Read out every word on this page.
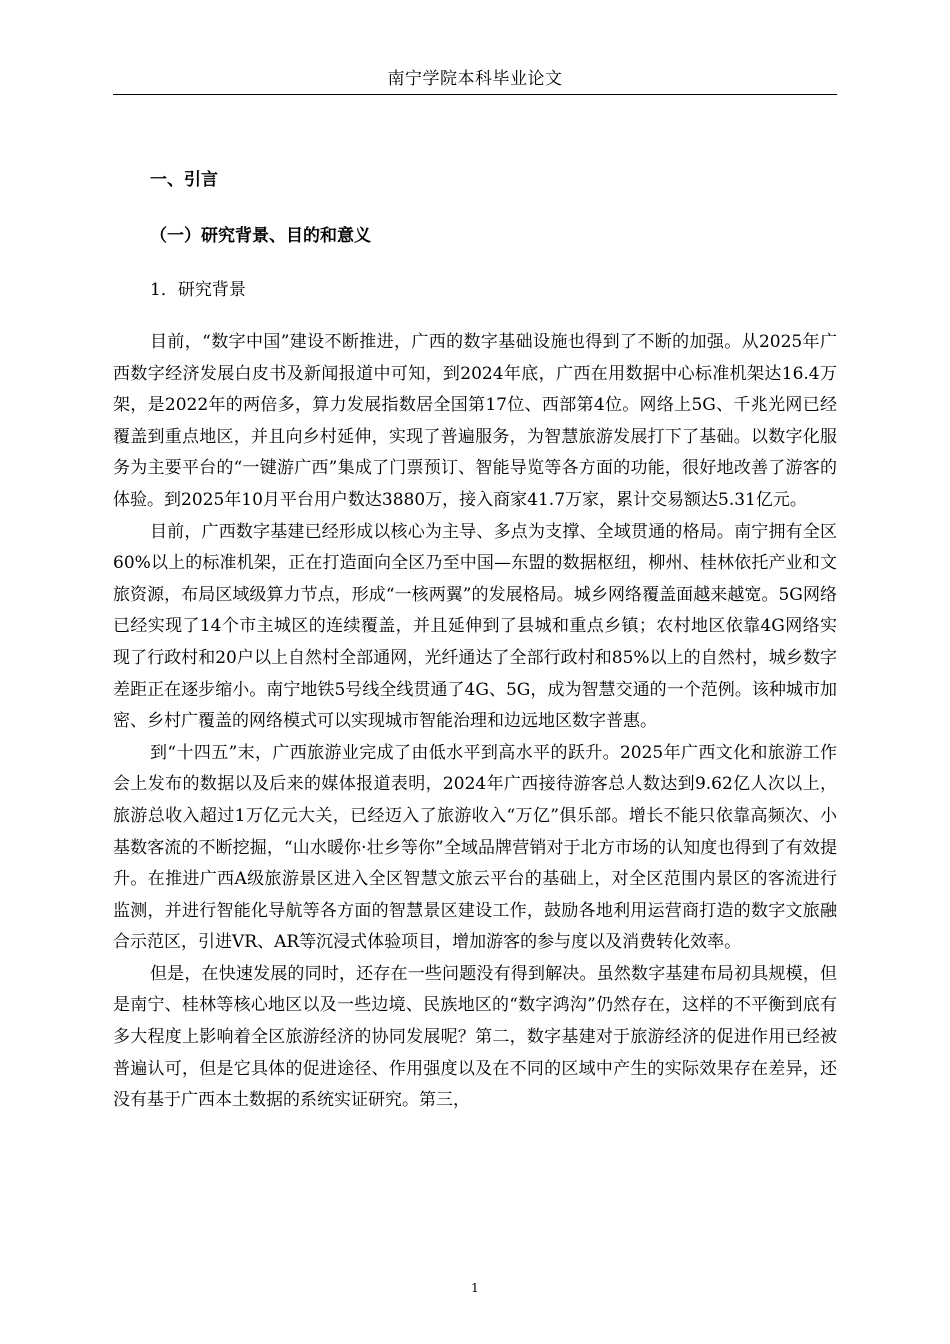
南宁学院本科毕业论文
一、引言
（一）研究背景、目的和意义
1．研究背景

目前，“数字中国”建设不断推进，广西的数字基础设施也得到了不断的加强。从2025年广西数字经济发展白皮书及新闻报道中可知，到2024年底，广西在用数据中心标准机架达16.4万架，是2022年的两倍多，算力发展指数居全国第17位、西部第4位。网络上5G、千兆光网已经覆盖到重点地区，并且向乡村延伸，实现了普遍服务，为智慧旅游发展打下了基础。以数字化服务为主要平台的“一键游广西”集成了门票预订、智能导览等各方面的功能，很好地改善了游客的体验。到2025年10月平台用户数达3880万，接入商家41.7万家，累计交易额达5.31亿元。

目前，广西数字基建已经形成以核心为主导、多点为支撑、全域贯通的格局。南宁拥有全区60%以上的标准机架，正在打造面向全区乃至中国—东盟的数据枢纽，柳州、桂林依托产业和文旅资源，布局区域级算力节点，形成“一核两翼”的发展格局。城乡网络覆盖面越来越宽。5G网络已经实现了14个市主城区的连续覆盖，并且延伸到了县城和重点乡镇；农村地区依靠4G网络实现了行政村和20户以上自然村全部通网，光纤通达了全部行政村和85%以上的自然村，城乡数字差距正在逐步缩小。南宁地铁5号线全线贯通了4G、5G，成为智慧交通的一个范例。该种城市加密、乡村广覆盖的网络模式可以实现城市智能治理和边远地区数字普惠。

到“十四五”末，广西旅游业完成了由低水平到高水平的跃升。2025年广西文化和旅游工作会上发布的数据以及后来的媒体报道表明，2024年广西接待游客总人数达到9.62亿人次以上，旅游总收入超过1万亿元大关，已经迈入了旅游收入“万亿”俱乐部。增长不能只依靠高频次、小基数客流的不断挖掘，“山水暖你·壮乡等你”全域品牌营销对于北方市场的认知度也得到了有效提升。在推进广西A级旅游景区进入全区智慧文旅云平台的基础上，对全区范围内景区的客流进行监测，并进行智能化导航等各方面的智慧景区建设工作，鼓励各地利用运营商打造的数字文旅融合示范区，引进VR、AR等沉浸式体验项目，增加游客的参与度以及消费转化效率。

但是，在快速发展的同时，还存在一些问题没有得到解决。虽然数字基建布局初具规模，但是南宁、桂林等核心地区以及一些边境、民族地区的“数字鸿沟”仍然存在，这样的不平衡到底有多大程度上影响着全区旅游经济的协同发展呢？第二，数字基建对于旅游经济的促进作用已经被普遍认可，但是它具体的促进途径、作用强度以及在不同的区域中产生的实际效果存在差异，还没有基于广西本土数据的系统实证研究。第三，

1
